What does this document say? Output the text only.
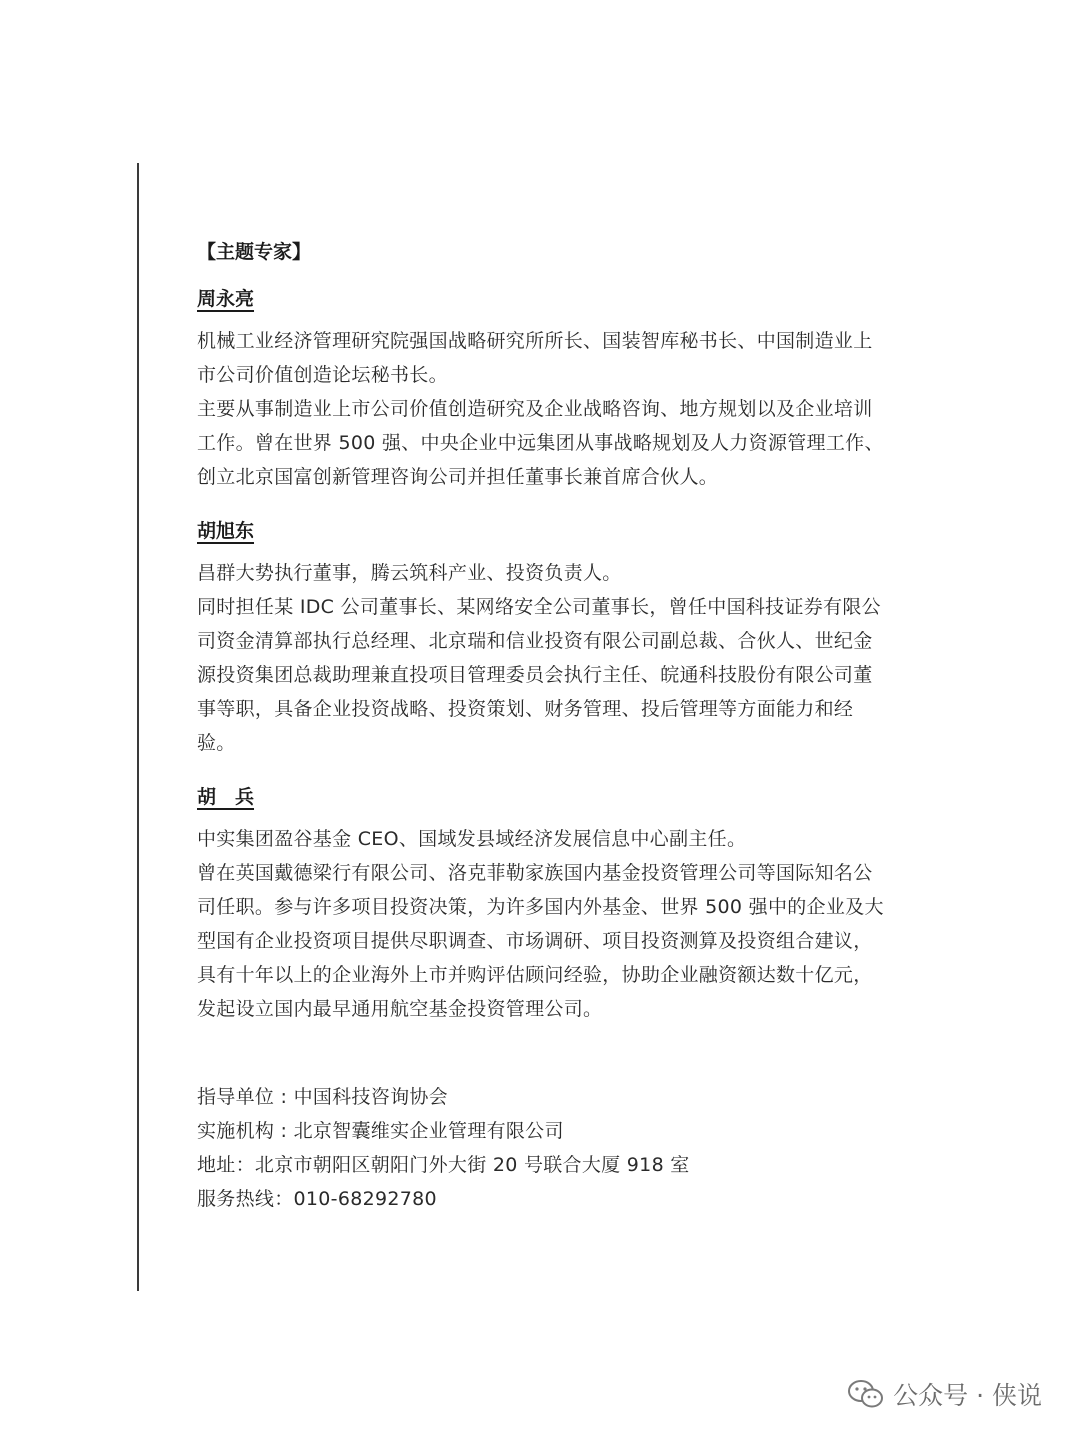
【主题专家】
周永亮

机械工业经济管理研究院强国战略研究所所长、国装智库秘书长、中国制造业上市公司价值创造论坛秘书长。

主要从事制造业上市公司价值创造研究及企业战略咨询、地方规划以及企业培训工作。曾在世界 500 强、中央企业中远集团从事战略规划及人力资源管理工作、创立北京国富创新管理咨询公司并担任董事长兼首席合伙人。

胡旭东

昌群大势执行董事，腾云筑科产业、投资负责人。

同时担任某 IDC 公司董事长、某网络安全公司董事长，曾任中国科技证券有限公司资金清算部执行总经理、北京瑞和信业投资有限公司副总裁、合伙人、世纪金源投资集团总裁助理兼直投项目管理委员会执行主任、皖通科技股份有限公司董事等职，具备企业投资战略、投资策划、财务管理、投后管理等方面能力和经验。

胡　兵

中实集团盈谷基金 CEO、国域发县域经济发展信息中心副主任。

曾在英国戴德梁行有限公司、洛克菲勒家族国内基金投资管理公司等国际知名公司任职。参与许多项目投资决策，为许多国内外基金、世界 500 强中的企业及大型国有企业投资项目提供尽职调查、市场调研、项目投资测算及投资组合建议，具有十年以上的企业海外上市并购评估顾问经验，协助企业融资额达数十亿元，发起设立国内最早通用航空基金投资管理公司。

指导单位 : 中国科技咨询协会
实施机构 : 北京智囊维实企业管理有限公司
地址：北京市朝阳区朝阳门外大街 20 号联合大厦 918 室
服务热线：010-68292780
公众号 · 侠说
